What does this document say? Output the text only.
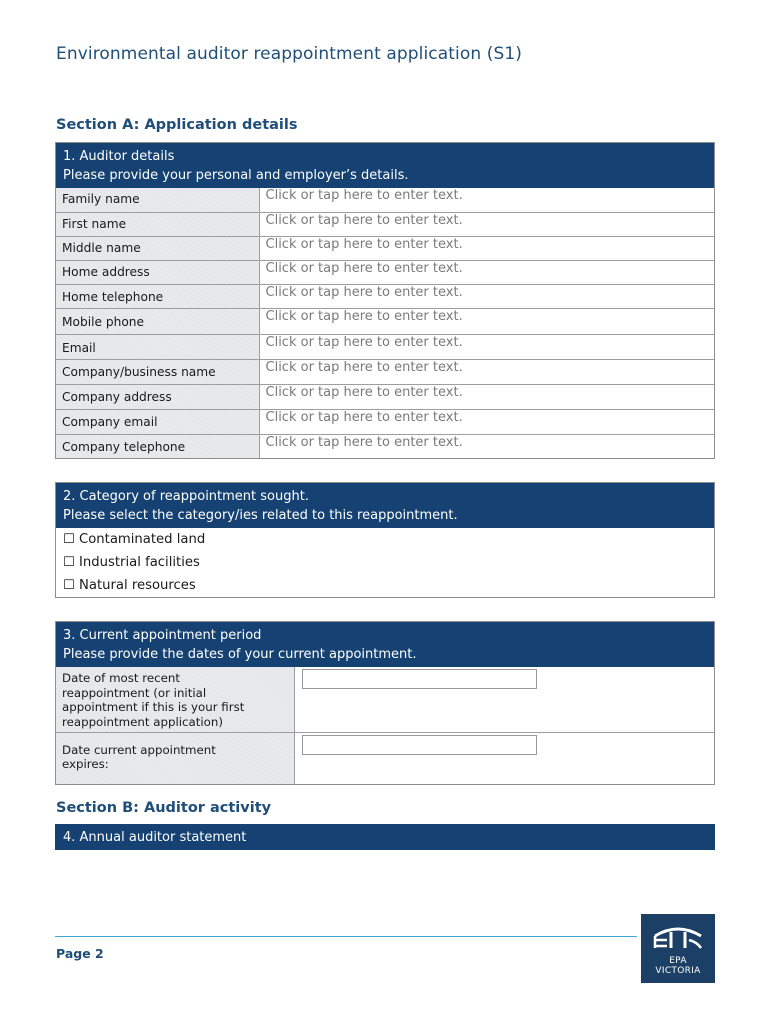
Environmental auditor reappointment application (S1)
Section A: Application details
1. Auditor details
Please provide your personal and employer’s details.
Family name	Click or tap here to enter text.

First name	Click or tap here to enter text.

Middle name	Click or tap here to enter text.

Home address	Click or tap here to enter text.

Home telephone	Click or tap here to enter text.

Mobile phone	Click or tap here to enter text.

Email	Click or tap here to enter text.

Company/business name	Click or tap here to enter text.

Company address	Click or tap here to enter text.

Company email	Click or tap here to enter text.

Company telephone	Click or tap here to enter text.
2. Category of reappointment sought.
Please select the category/ies related to this reappointment.
☐ Contaminated land
☐ Industrial facilities
☐ Natural resources
3. Current appointment period
Please provide the dates of your current appointment.
Date of most recent
reappointment (or initial
appointment if this is your first
reappointment application)	

Date current appointment
expires:	

Section B: Auditor activity
4. Annual auditor statement
Page 2	EPA
VICTORIA
